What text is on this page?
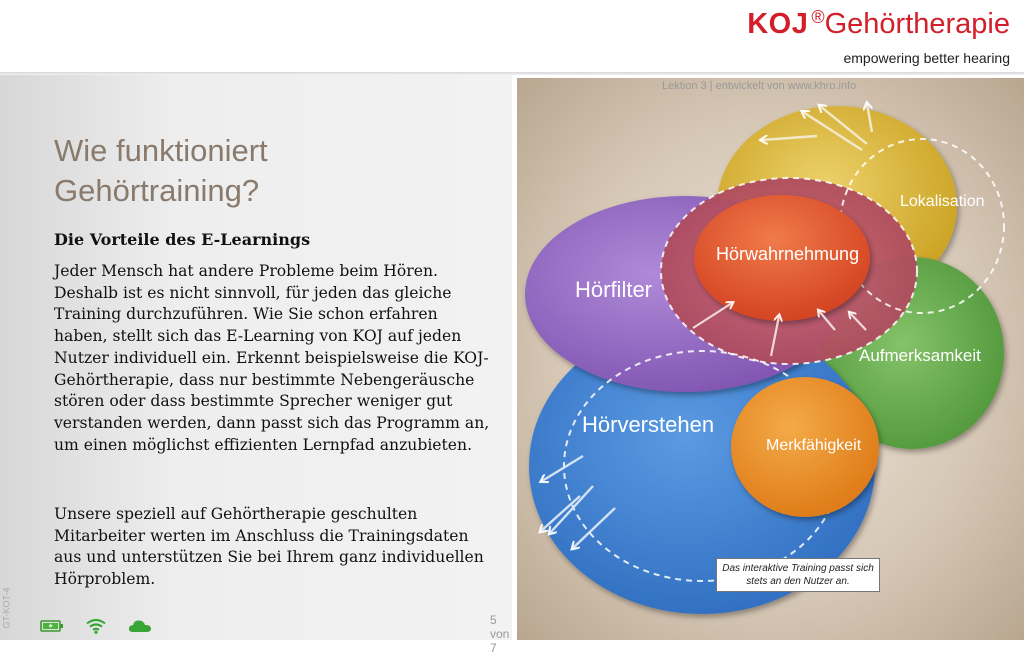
KOJ ® Gehörtherapie
empowering better hearing
Wie funktioniert
Gehörtraining?
Die Vorteile des E-Learnings

Jeder Mensch hat andere Probleme beim Hören. Deshalb ist es nicht sinnvoll, für jeden das gleiche Training durchzuführen. Wie Sie schon erfahren haben, stellt sich das E-Learning von KOJ auf jeden Nutzer individuell ein. Erkennt beispielsweise die KOJ-Gehörtherapie, dass nur bestimmte Nebengeräusche stören oder dass bestimmte Sprecher weniger gut verstanden werden, dann passt sich das Programm an, um einen möglichst effizienten Lernpfad anzubieten.

Unsere speziell auf Gehörtherapie geschulten Mitarbeiter werten im Anschluss die Trainingsdaten aus und unterstützen Sie bei Ihrem ganz individuellen Hörproblem.

GT-KOT-4	5 von 7
Lektion 3 | entwickelt von www.khro.info
Lokalisation
Hörfilter
Hörwahrnehmung
Aufmerksamkeit
Hörverstehen
Merkfähigkeit
Das interaktive Training passt sich stets an den Nutzer an.
